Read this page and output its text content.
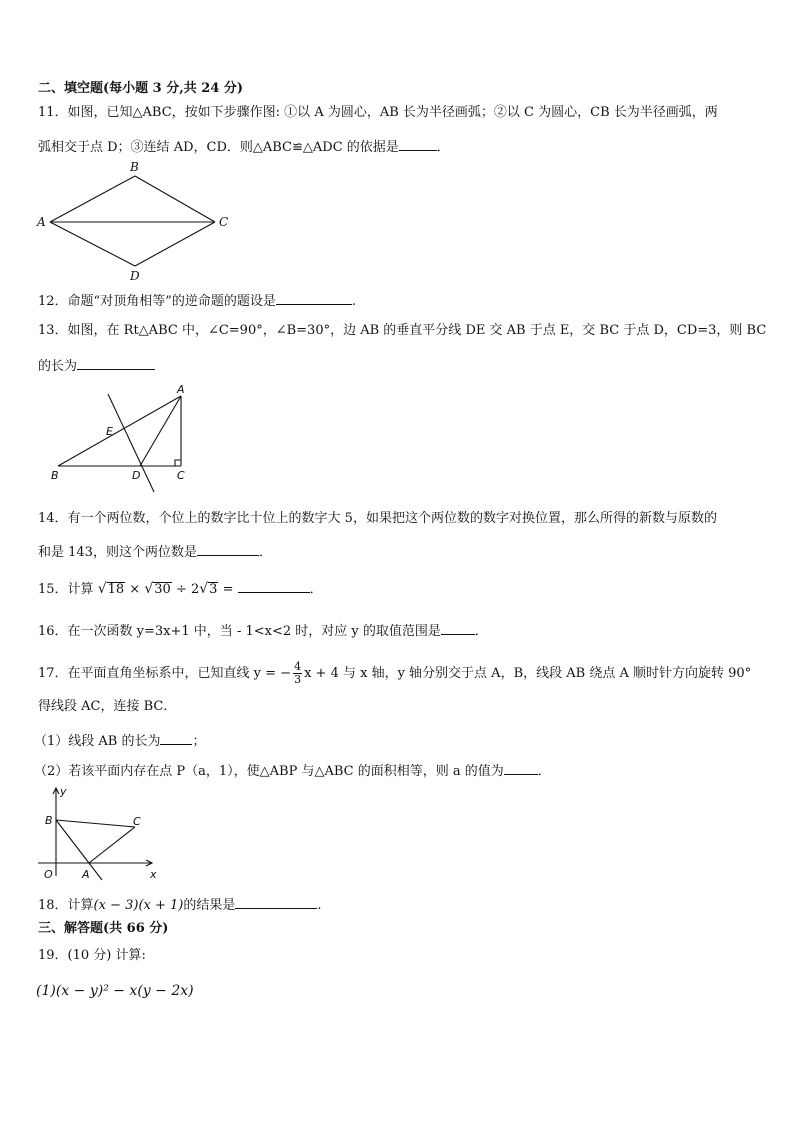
二、填空题(每小题 3 分,共 24 分)
11．如图，已知△ABC，按如下步骤作图: ①以 A 为圆心，AB 长为半径画弧；②以 C 为圆心，CB 长为半径画弧，两
弧相交于点 D；③连结 AD，CD．则△ABC≌△ADC 的依据是	．
A
B
C
D
12．命题“对顶角相等”的逆命题的题设是	.
13．如图，在 Rt△ABC 中，∠C=90°，∠B=30°，边 AB 的垂直平分线 DE 交 AB 于点 E，交 BC 于点 D，CD=3，则 BC
的长为
A
E
B	D	C
14．有一个两位数，个位上的数字比十位上的数字大 5，如果把这个两位数的数字对换位置，那么所得的新数与原数的
和是 143，则这个两位数是	．
15．计算 √18 × √30 ÷ 2√3 =	．
16．在一次函数 y=3x+1 中，当 - 1<x<2 时，对应 y 的取值范围是	．
17．在平面直角坐标系中，已知直线 y = − $\frac{4}{3}$ x + 4 与 x 轴，y 轴分别交于点 A，B，线段 AB 绕点 A 顺时针方向旋转 90°
得线段 AC，连接 BC．
（1）线段 AB 的长为 ；
（2）若该平面内存在点 P（a，1），使△ABP 与△ABC 的面积相等，则 a 的值为	．
y
x
B	C
O	A
18．计算(x − 3)(x + 1)的结果是	.
三、解答题(共 66 分)
19．(10 分) 计算:
(1)(x − y)² − x(y − 2x)
